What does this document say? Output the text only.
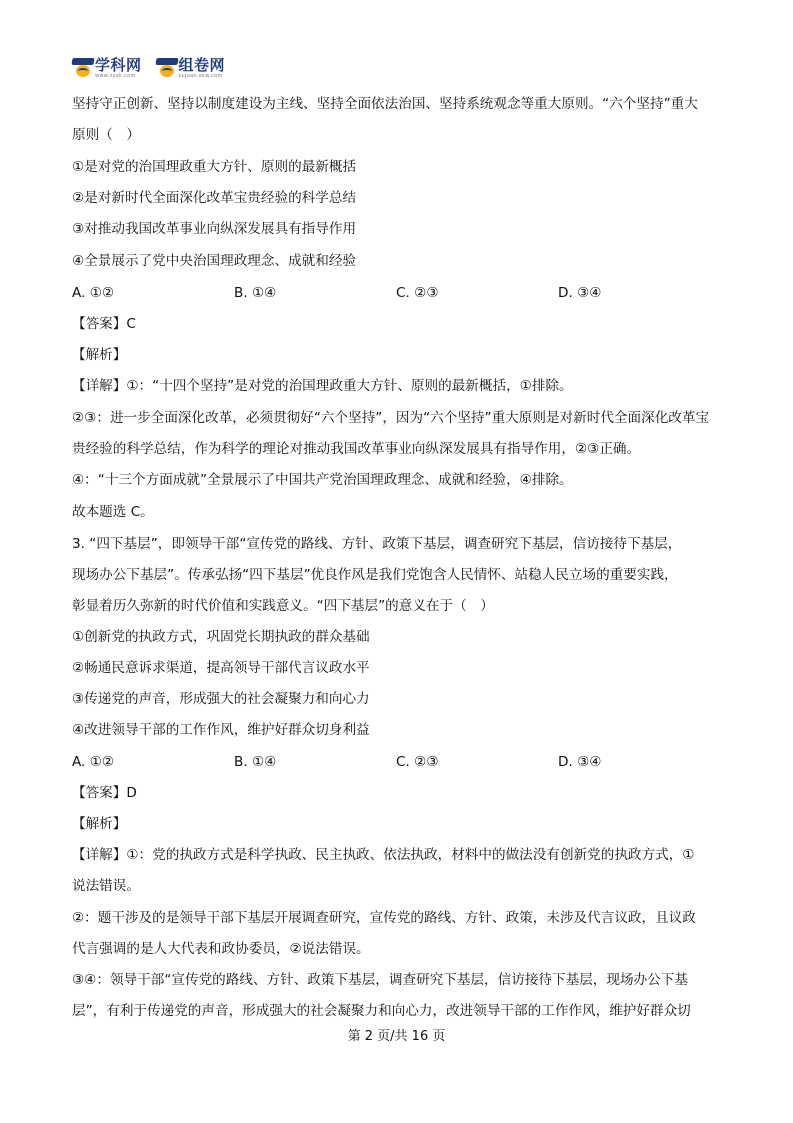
学科网
www.zxxk.com
组卷网
zujuan.xkw.com
坚持守正创新、坚持以制度建设为主线、坚持全面依法治国、坚持系统观念等重大原则。“六个坚持”重大
原则（　）
①是对党的治国理政重大方针、原则的最新概括
②是对新时代全面深化改革宝贵经验的科学总结
③对推动我国改革事业向纵深发展具有指导作用
④全景展示了党中央治国理政理念、成就和经验
A. ①②	B. ①④	C. ②③	D. ③④
【答案】C
【解析】
【详解】①：“十四个坚持”是对党的治国理政重大方针、原则的最新概括，①排除。
②③：进一步全面深化改革，必须贯彻好“六个坚持”，因为“六个坚持”重大原则是对新时代全面深化改革宝
贵经验的科学总结，作为科学的理论对推动我国改革事业向纵深发展具有指导作用，②③正确。
④：“十三个方面成就”全景展示了中国共产党治国理政理念、成就和经验，④排除。
故本题选 C。
3. “四下基层”，即领导干部“宣传党的路线、方针、政策下基层，调查研究下基层，信访接待下基层，
现场办公下基层”。传承弘扬“四下基层”优良作风是我们党饱含人民情怀、站稳人民立场的重要实践，
彰显着历久弥新的时代价值和实践意义。“四下基层”的意义在于（　）
①创新党的执政方式，巩固党长期执政的群众基础
②畅通民意诉求渠道，提高领导干部代言议政水平
③传递党的声音，形成强大的社会凝聚力和向心力
④改进领导干部的工作作风，维护好群众切身利益
A. ①②	B. ①④	C. ②③	D. ③④
【答案】D
【解析】
【详解】①：党的执政方式是科学执政、民主执政、依法执政，材料中的做法没有创新党的执政方式，①
说法错误。
②：题干涉及的是领导干部下基层开展调查研究，宣传党的路线、方针、政策，未涉及代言议政，且议政
代言强调的是人大代表和政协委员，②说法错误。
③④：领导干部“宣传党的路线、方针、政策下基层，调查研究下基层，信访接待下基层，现场办公下基
层”，有利于传递党的声音，形成强大的社会凝聚力和向心力，改进领导干部的工作作风，维护好群众切
第 2 页/共 16 页
